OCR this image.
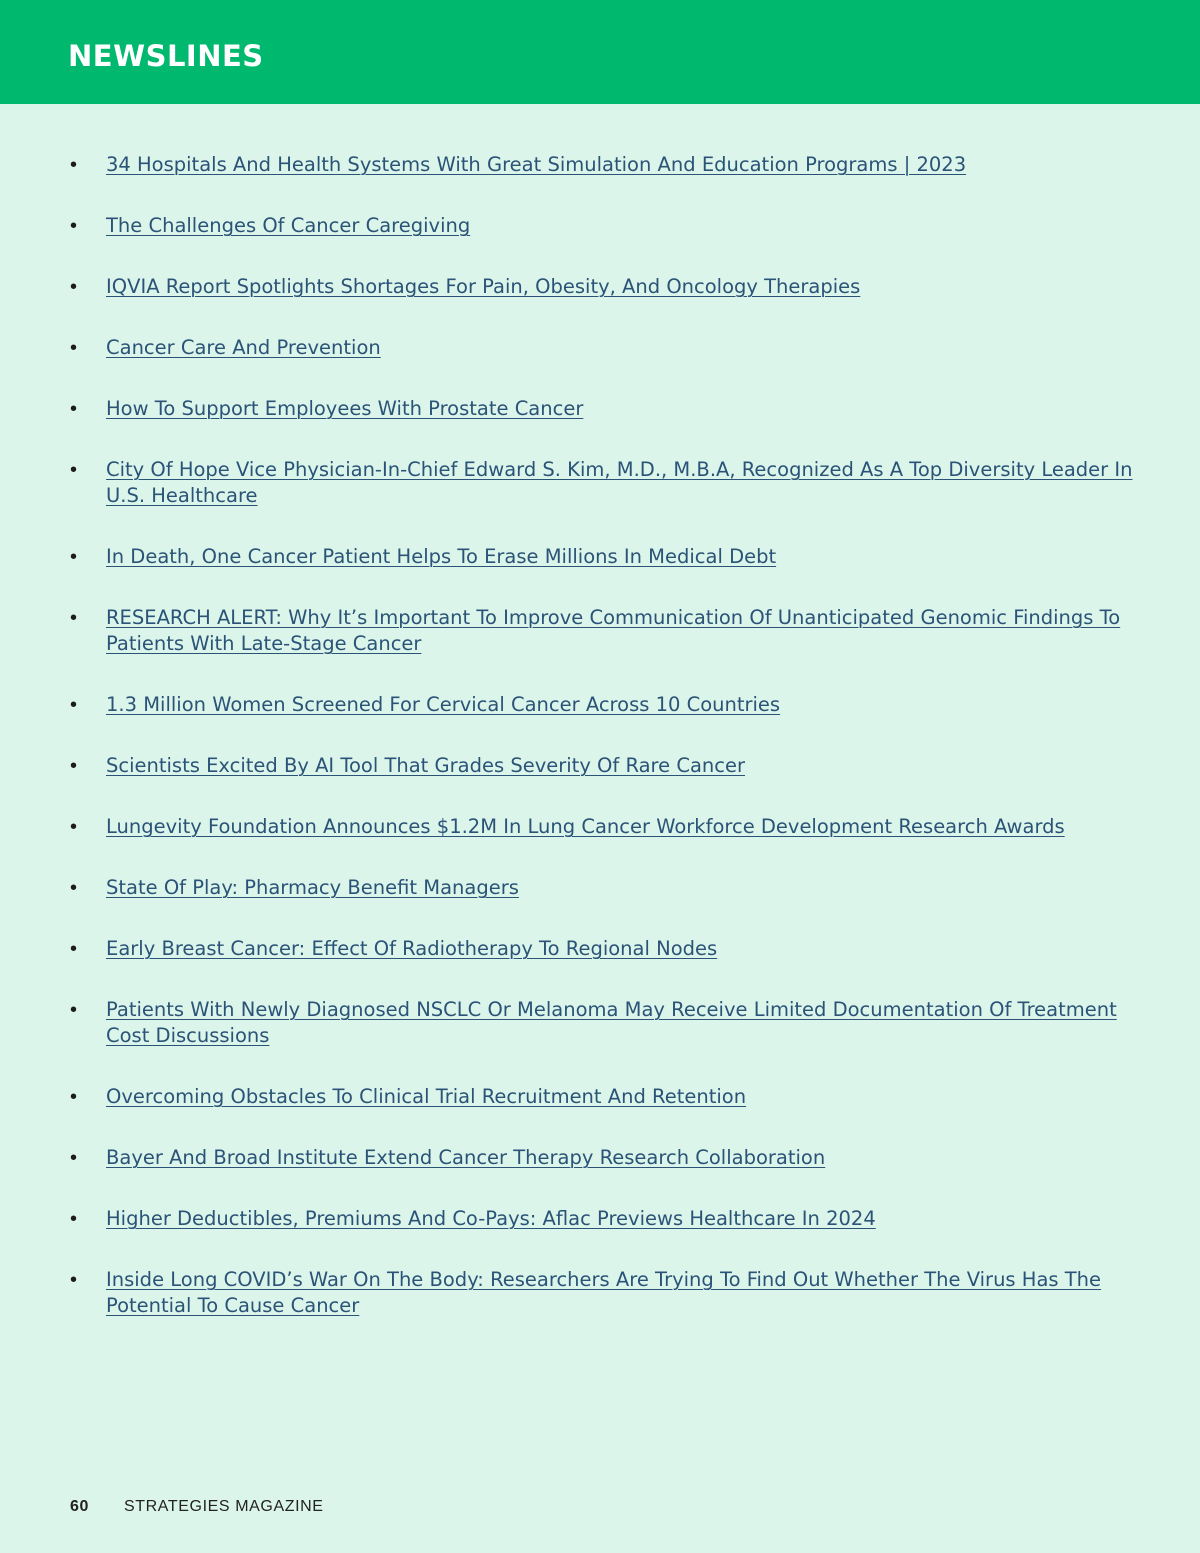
NEWSLINES
• 34 Hospitals And Health Systems With Great Simulation And Education Programs | 2023
• The Challenges Of Cancer Caregiving
• IQVIA Report Spotlights Shortages For Pain, Obesity, And Oncology Therapies
• Cancer Care And Prevention
• How To Support Employees With Prostate Cancer
• City Of Hope Vice Physician-In-Chief Edward S. Kim, M.D., M.B.A, Recognized As A Top Diversity Leader In U.S. Healthcare
• In Death, One Cancer Patient Helps To Erase Millions In Medical Debt
• RESEARCH ALERT: Why It’s Important To Improve Communication Of Unanticipated Genomic Findings To Patients With Late-Stage Cancer
• 1.3 Million Women Screened For Cervical Cancer Across 10 Countries
• Scientists Excited By AI Tool That Grades Severity Of Rare Cancer
• Lungevity Foundation Announces $1.2M In Lung Cancer Workforce Development Research Awards
• State Of Play: Pharmacy Benefit Managers
• Early Breast Cancer: Effect Of Radiotherapy To Regional Nodes
• Patients With Newly Diagnosed NSCLC Or Melanoma May Receive Limited Documentation Of Treatment Cost Discussions
• Overcoming Obstacles To Clinical Trial Recruitment And Retention
• Bayer And Broad Institute Extend Cancer Therapy Research Collaboration
• Higher Deductibles, Premiums And Co-Pays: Aflac Previews Healthcare In 2024
• Inside Long COVID’s War On The Body: Researchers Are Trying To Find Out Whether The Virus Has The Potential To Cause Cancer
60 STRATEGIES MAGAZINE
